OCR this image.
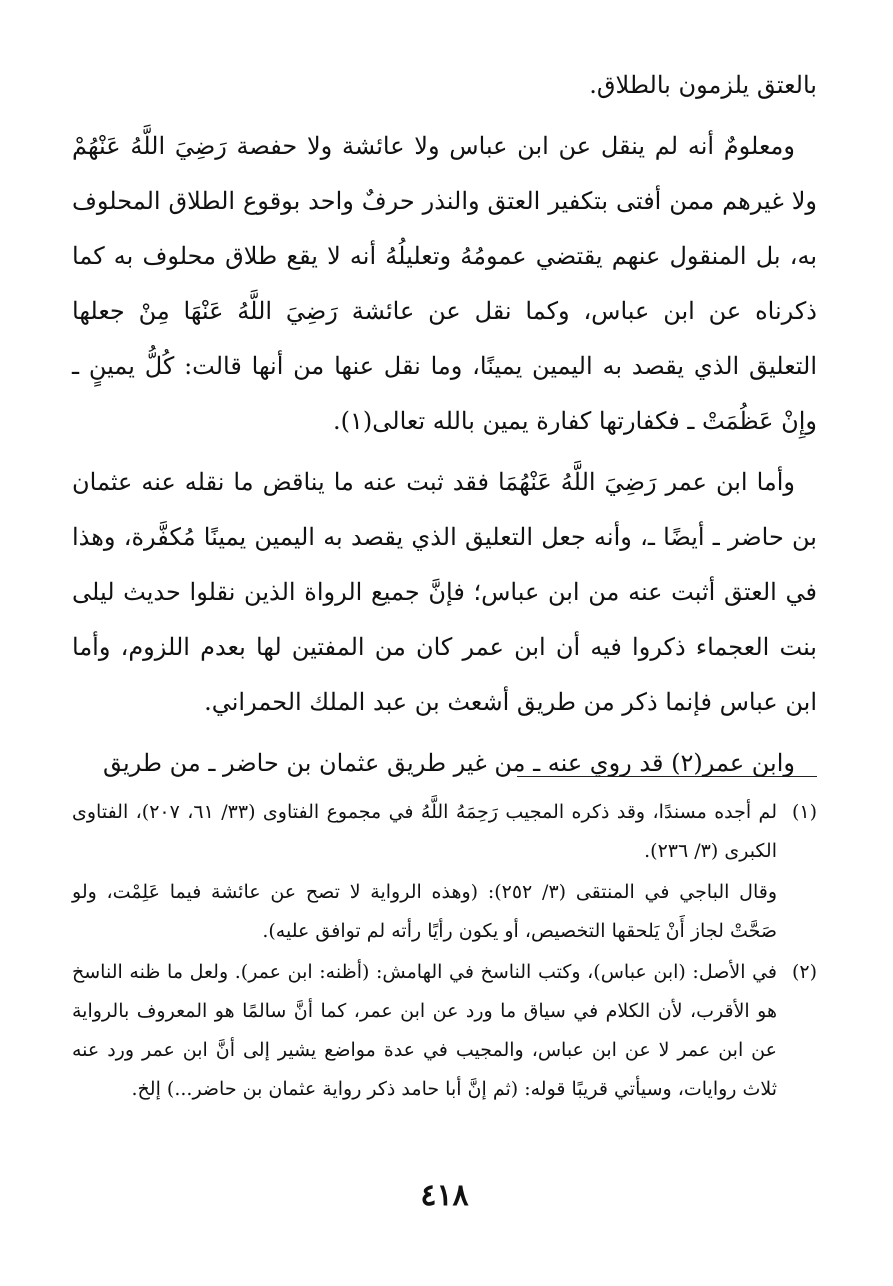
بالعتق يلزمون بالطلاق.

ومعلومٌ أنه لم ينقل عن ابن عباس ولا عائشة ولا حفصة رَضِيَ اللَّهُ عَنْهُمْ ولا غيرهم ممن أفتى بتكفير العتق والنذر حرفٌ واحد بوقوع الطلاق المحلوف به، بل المنقول عنهم يقتضي عمومُهُ وتعليلُهُ أنه لا يقع طلاق محلوف به كما ذكرناه عن ابن عباس، وكما نقل عن عائشة رَضِيَ اللَّهُ عَنْهَا مِنْ جعلها التعليق الذي يقصد به اليمين يمينًا، وما نقل عنها من أنها قالت: كُلُّ يمينٍ ـ وإِنْ عَظُمَتْ ـ فكفارتها كفارة يمين بالله تعالى(١).

وأما ابن عمر رَضِيَ اللَّهُ عَنْهُمَا فقد ثبت عنه ما يناقض ما نقله عنه عثمان بن حاضر ـ أيضًا ـ، وأنه جعل التعليق الذي يقصد به اليمين يمينًا مُكفَّرة، وهذا في العتق أثبت عنه من ابن عباس؛ فإنَّ جميع الرواة الذين نقلوا حديث ليلى بنت العجماء ذكروا فيه أن ابن عمر كان من المفتين لها بعدم اللزوم، وأما ابن عباس فإنما ذكر من طريق أشعث بن عبد الملك الحمراني.

وابن عمر(٢) قد روي عنه ـ من غير طريق عثمان بن حاضر ـ من طريق

(١)

لم أجده مسندًا، وقد ذكره المجيب رَحِمَهُ اللَّهُ في مجموع الفتاوى (٣٣/ ٦١، ٢٠٧)، الفتاوى الكبرى (٣/ ٢٣٦).

وقال الباجي في المنتقى (٣/ ٢٥٢): (وهذه الرواية لا تصح عن عائشة فيما عَلِمْت، ولو صَحَّتْ لجاز أَنْ يَلحقها التخصيص، أو يكون رأيًا رأته لم توافق عليه).

(٢)

في الأصل: (ابن عباس)، وكتب الناسخ في الهامش: (أظنه: ابن عمر). ولعل ما ظنه الناسخ هو الأقرب، لأن الكلام في سياق ما ورد عن ابن عمر، كما أنَّ سالمًا هو المعروف بالرواية عن ابن عمر لا عن ابن عباس، والمجيب في عدة مواضع يشير إلى أنَّ ابن عمر ورد عنه ثلاث روايات، وسيأتي قريبًا قوله: (ثم إنَّ أبا حامد ذكر رواية عثمان بن حاضر...) إلخ.

٤١٨
